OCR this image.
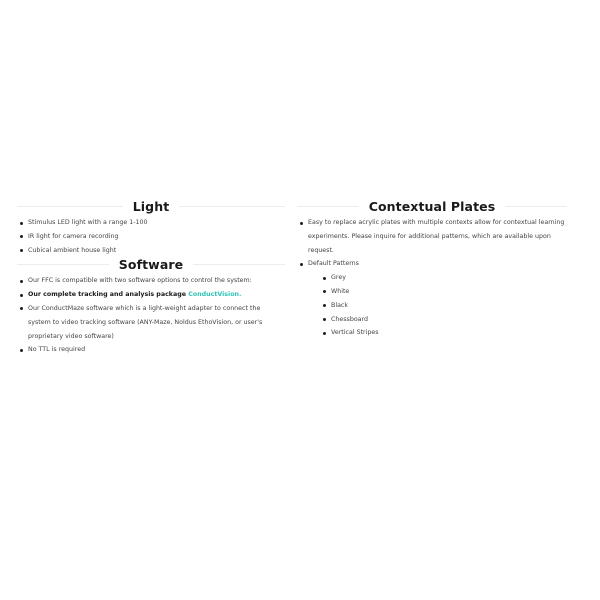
Light
Stimulus LED light with a range 1-100
IR light for camera recording
Cubical ambient house light
Software
Our FFC is compatible with two software options to control the system:
Our complete tracking and analysis package ConductVision.
Our ConductMaze software which is a light-weight adapter to connect the system to video tracking software (ANY-Maze, Noldus EthoVision, or user's proprietary video software)
No TTL is required
Contextual Plates
Easy to replace acrylic plates with multiple contexts allow for contextual learning experiments. Please inquire for additional patterns, which are available upon request.
Default Patterns
Grey
White
Black
Chessboard
Vertical Stripes
